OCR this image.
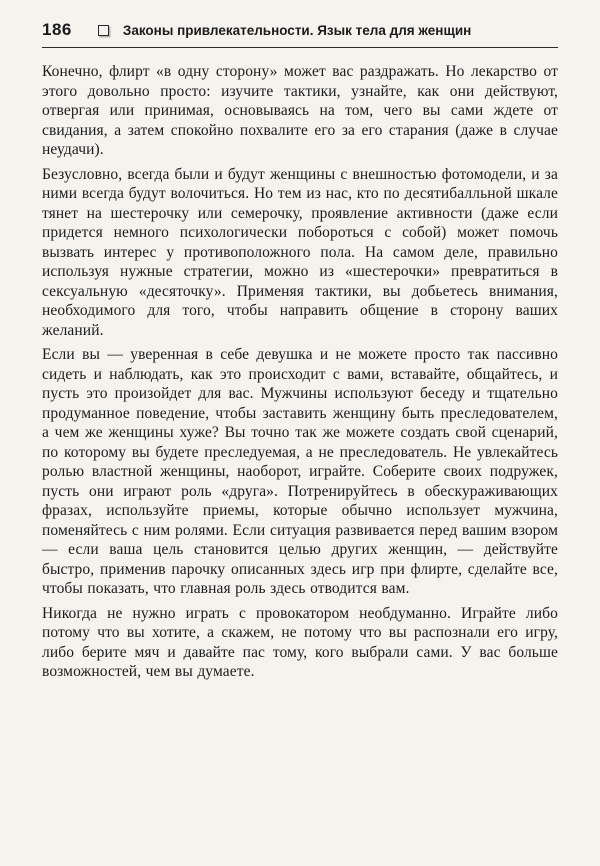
186	Законы привлекательности. Язык тела для женщин

Конечно, флирт «в одну сторону» может вас раздражать. Но лекарство от этого довольно просто: изучите тактики, узнайте, как они действуют, отвергая или принимая, основываясь на том, чего вы сами ждете от свидания, а затем спокойно похвалите его за его старания (даже в случае неудачи).

Безусловно, всегда были и будут женщины с внешностью фотомодели, и за ними всегда будут волочиться. Но тем из нас, кто по десятибалльной шкале тянет на шестерочку или семерочку, проявление активности (даже если придется немного психологически побороться с собой) может помочь вызвать интерес у противоположного пола. На самом деле, правильно используя нужные стратегии, можно из «шестерочки» превратиться в сексуальную «десяточку». Применяя тактики, вы добьетесь внимания, необходимого для того, чтобы направить общение в сторону ваших желаний.

Если вы — уверенная в себе девушка и не можете просто так пассивно сидеть и наблюдать, как это происходит с вами, вставайте, общайтесь, и пусть это произойдет для вас. Мужчины используют беседу и тщательно продуманное поведение, чтобы заставить женщину быть преследователем, а чем же женщины хуже? Вы точно так же можете создать свой сценарий, по которому вы будете преследуемая, а не преследователь. Не увлекайтесь ролью властной женщины, наоборот, играйте. Соберите своих подружек, пусть они играют роль «друга». Потренируйтесь в обескураживающих фразах, используйте приемы, которые обычно использует мужчина, поменяйтесь с ним ролями. Если ситуация развивается перед вашим взором — если ваша цель становится целью других женщин, — действуйте быстро, применив парочку описанных здесь игр при флирте, сделайте все, чтобы показать, что главная роль здесь отводится вам.

Никогда не нужно играть с провокатором необдуманно. Играйте либо потому что вы хотите, а скажем, не потому что вы распознали его игру, либо берите мяч и давайте пас тому, кого выбрали сами. У вас больше возможностей, чем вы думаете.
